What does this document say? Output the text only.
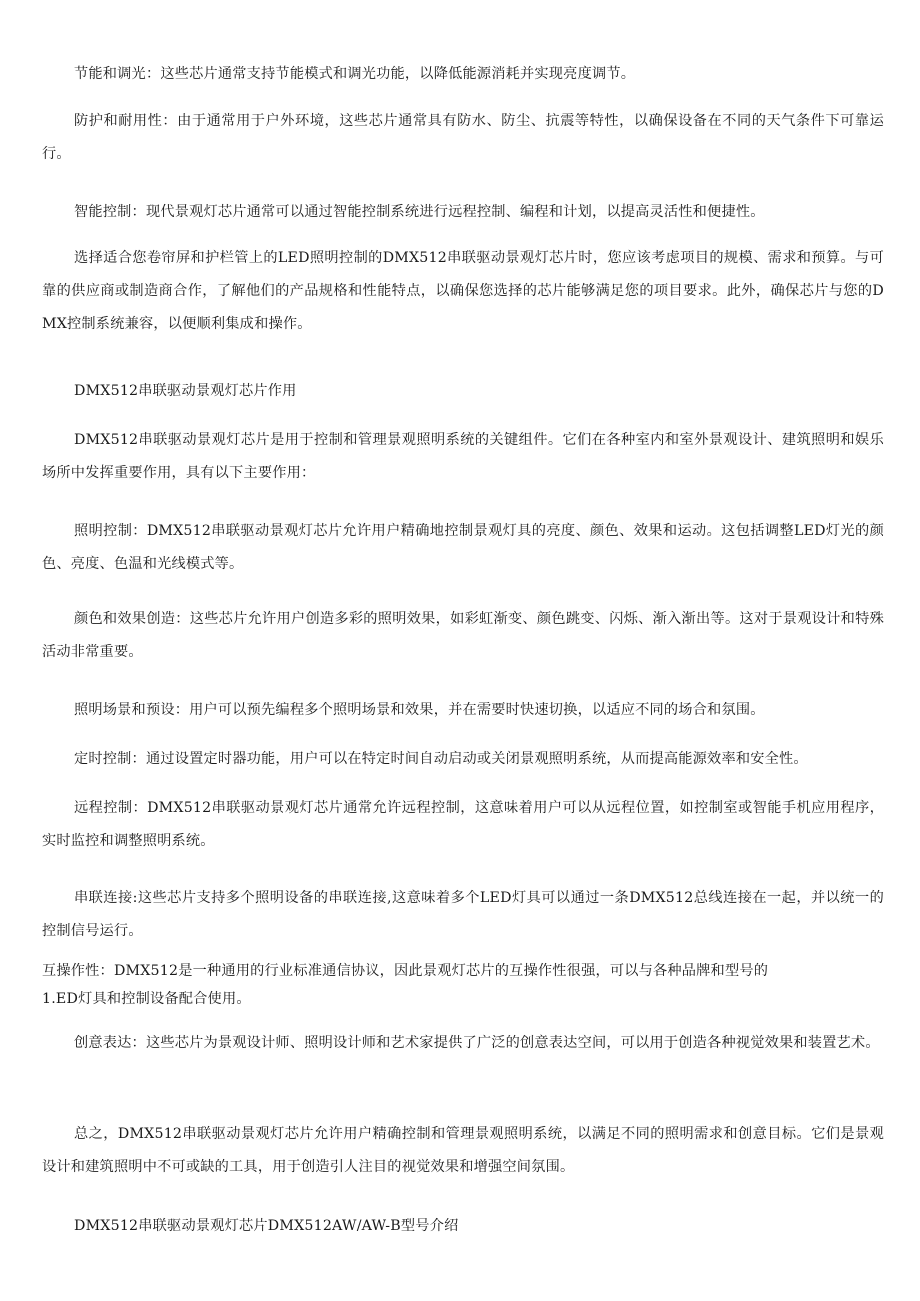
节能和调光：这些芯片通常支持节能模式和调光功能，以降低能源消耗并实现亮度调节。

防护和耐用性：由于通常用于户外环境，这些芯片通常具有防水、防尘、抗震等特性，以确保设备在不同的天气条件下可靠运行。

智能控制：现代景观灯芯片通常可以通过智能控制系统进行远程控制、编程和计划，以提高灵活性和便捷性。

选择适合您卷帘屏和护栏管上的LED照明控制的DMX512串联驱动景观灯芯片时，您应该考虑项目的规模、需求和预算。与可靠的供应商或制造商合作，了解他们的产品规格和性能特点，以确保您选择的芯片能够满足您的项目要求。此外，确保芯片与您的DMX控制系统兼容，以便顺利集成和操作。

DMX512串联驱动景观灯芯片作用

DMX512串联驱动景观灯芯片是用于控制和管理景观照明系统的关键组件。它们在各种室内和室外景观设计、建筑照明和娱乐场所中发挥重要作用，具有以下主要作用：

照明控制：DMX512串联驱动景观灯芯片允许用户精确地控制景观灯具的亮度、颜色、效果和运动。这包括调整LED灯光的颜色、亮度、色温和光线模式等。

颜色和效果创造：这些芯片允许用户创造多彩的照明效果，如彩虹渐变、颜色跳变、闪烁、渐入渐出等。这对于景观设计和特殊活动非常重要。

照明场景和预设：用户可以预先编程多个照明场景和效果，并在需要时快速切换，以适应不同的场合和氛围。

定时控制：通过设置定时器功能，用户可以在特定时间自动启动或关闭景观照明系统，从而提高能源效率和安全性。

远程控制：DMX512串联驱动景观灯芯片通常允许远程控制，这意味着用户可以从远程位置，如控制室或智能手机应用程序，实时监控和调整照明系统。

串联连接:这些芯片支持多个照明设备的串联连接,这意味着多个LED灯具可以通过一条DMX512总线连接在一起，并以统一的控制信号运行。

互操作性：DMX512是一种通用的行业标准通信协议，因此景观灯芯片的互操作性很强，可以与各种品牌和型号的

1.ED灯具和控制设备配合使用。

创意表达：这些芯片为景观设计师、照明设计师和艺术家提供了广泛的创意表达空间，可以用于创造各种视觉效果和装置艺术。

总之，DMX512串联驱动景观灯芯片允许用户精确控制和管理景观照明系统，以满足不同的照明需求和创意目标。它们是景观设计和建筑照明中不可或缺的工具，用于创造引人注目的视觉效果和增强空间氛围。

DMX512串联驱动景观灯芯片DMX512AW/AW-B型号介绍
